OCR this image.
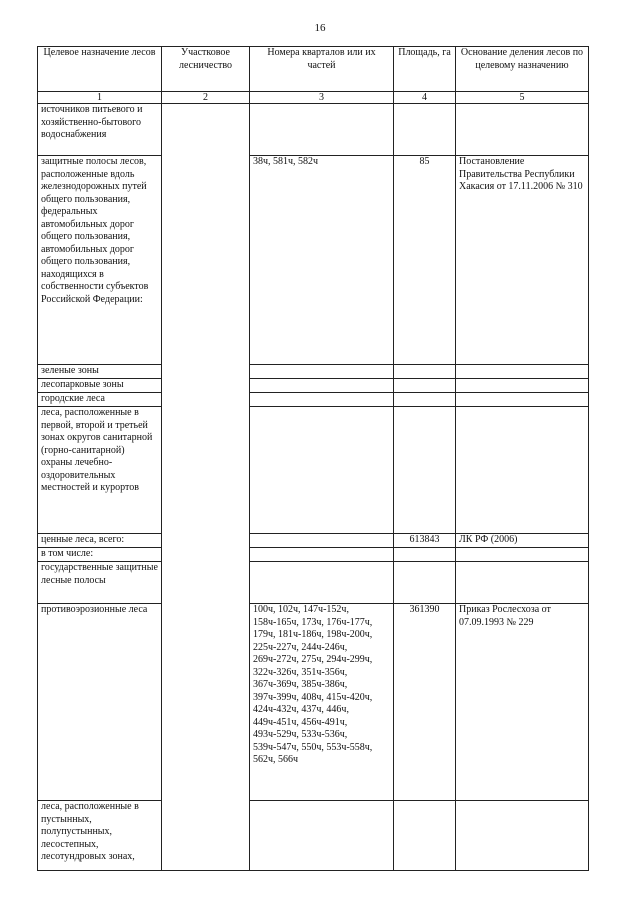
16
Целевое назначение лесов	Участковое лесничество	Номера кварталов или их частей	Площадь, га	Основание деления лесов по целевому назначению
1	2	3	4	5
источников питьевого и хозяйственно-бытового водоснабжения				
защитные полосы лесов, расположенные вдоль железнодорожных путей общего пользования, федеральных автомобильных дорог общего пользования, автомобильных дорог общего пользования, находящихся в собственности субъектов Российской Федерации:		38ч, 581ч, 582ч	85	Постановление Правительства Республики Хакасия от 17.11.2006 № 310
зеленые зоны				
лесопарковые зоны				
городские леса				
леса, расположенные в первой, второй и третьей зонах округов санитарной (горно-санитарной) охраны лечебно-оздоровительных местностей и курортов				
ценные леса, всего:			613843	ЛК РФ (2006)
в том числе:				
государственные защитные лесные полосы				
противоэрозионные леса		100ч, 102ч, 147ч-152ч, 158ч-165ч, 173ч, 176ч-177ч, 179ч, 181ч-186ч, 198ч-200ч, 225ч-227ч, 244ч-246ч, 269ч-272ч, 275ч, 294ч-299ч, 322ч-326ч, 351ч-356ч, 367ч-369ч, 385ч-386ч, 397ч-399ч, 408ч, 415ч-420ч, 424ч-432ч, 437ч, 446ч, 449ч-451ч, 456ч-491ч, 493ч-529ч, 533ч-536ч, 539ч-547ч, 550ч, 553ч-558ч, 562ч, 566ч	361390	Приказ Рослесхоза от 07.09.1993 № 229
леса, расположенные в пустынных, полупустынных, лесостепных, лесотундровых зонах,				
